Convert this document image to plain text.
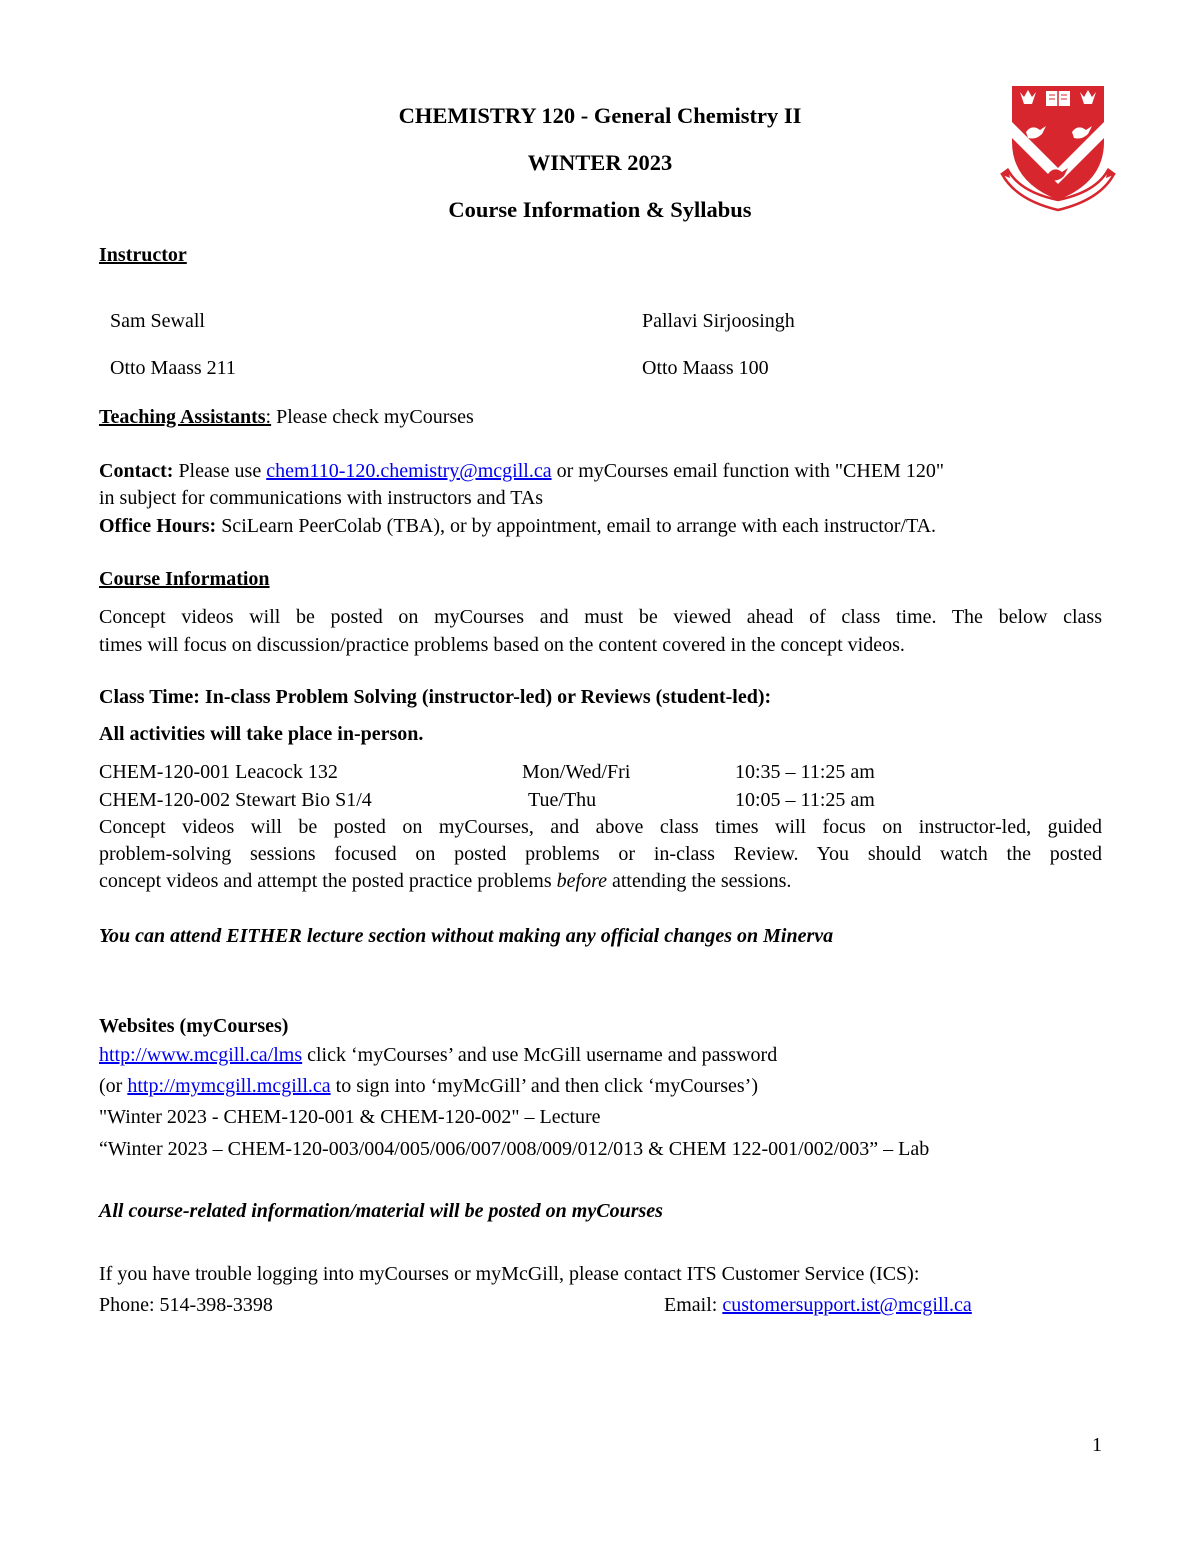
CHEMISTRY 120 - General Chemistry II
WINTER 2023
Course Information & Syllabus
Instructor
Sam Sewall	Pallavi Sirjoosingh
Otto Maass 211	Otto Maass 100
Teaching Assistants: Please check myCourses
Contact: Please use chem110-120.chemistry@mcgill.ca or myCourses email function with "CHEM 120"
in subject for communications with instructors and TAs
Office Hours: SciLearn PeerColab (TBA), or by appointment, email to arrange with each instructor/TA.
Course Information
Concept videos will be posted on myCourses and must be viewed ahead of class time. The below class
times will focus on discussion/practice problems based on the content covered in the concept videos.
Class Time: In-class Problem Solving (instructor-led) or Reviews (student-led):
All activities will take place in-person.
CHEM-120-001 Leacock 132	Mon/Wed/Fri	10:35 – 11:25 am
CHEM-120-002 Stewart Bio S1/4	Tue/Thu	10:05 – 11:25 am
Concept videos will be posted on myCourses, and above class times will focus on instructor-led, guided
problem-solving sessions focused on posted problems or in-class Review. You should watch the posted
concept videos and attempt the posted practice problems before attending the sessions.
You can attend EITHER lecture section without making any official changes on Minerva
Websites (myCourses)
http://www.mcgill.ca/lms click ‘myCourses’ and use McGill username and password
(or http://mymcgill.mcgill.ca to sign into ‘myMcGill’ and then click ‘myCourses’)
"Winter 2023 - CHEM-120-001 & CHEM-120-002" – Lecture
“Winter 2023 – CHEM-120-003/004/005/006/007/008/009/012/013 & CHEM 122-001/002/003” – Lab
All course-related information/material will be posted on myCourses
If you have trouble logging into myCourses or myMcGill, please contact ITS Customer Service (ICS):
Phone: 514-398-3398	Email: customersupport.ist@mcgill.ca
1
